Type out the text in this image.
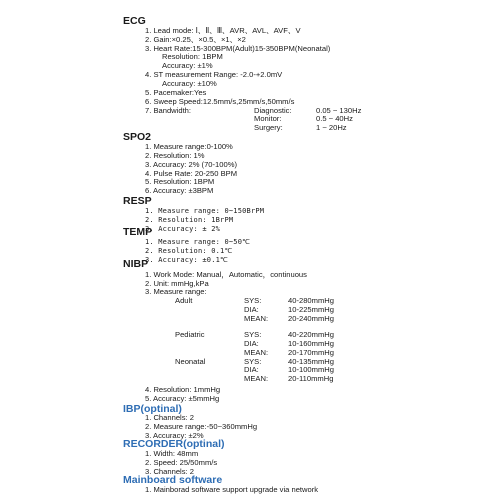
ECG
1. Lead mode: Ⅰ、Ⅱ、Ⅲ、AVR、AVL、AVF、V
2. Gain:×0.25、×0.5、×1、×2
3. Heart Rate:15-300BPM(Adult)15-350BPM(Neonatal)
Resolution: 1BPM
Accuracy: ±1%
4. ST measurement Range: -2.0-+2.0mV
Accuracy: ±10%
5. Pacemaker:Yes
6. Sweep Speed:12.5mm/s,25mm/s,50mm/s
7. Bandwidth:	Diagnostic:	0.05 ~ 130Hz
Monitor:	0.5 ~ 40Hz
Surgery:	1 ~ 20Hz
SPO2
1. Measure range:0-100%
2. Resolution: 1%
3. Accuracy: 2% (70-100%)
4. Pulse Rate: 20-250 BPM
5. Resolution: 1BPM
6. Accuracy: ±3BPM
RESP
1. Measure range: 0~150BrPM
2. Resolution: 1BrPM
3. Accuracy: ± 2%
TEMP
1. Measure range: 0~50℃
2. Resolution: 0.1℃
3. Accuracy: ±0.1℃
NIBP
1. Work Mode: Manual，Automatic，continuous
2. Unit: mmHg,kPa
3. Measure range:
Adult	SYS:	40-280mmHg
DIA:	10-225mmHg
MEAN:	20-240mmHg
Pediatric	SYS:	40-220mmHg
DIA:	10-160mmHg
MEAN:	20-170mmHg
Neonatal	SYS:	40-135mmHg
DIA:	10-100mmHg
MEAN:	20-110mmHg
4. Resolution: 1mmHg
5. Accuracy: ±5mmHg
IBP(optinal)
1. Channels: 2
2. Measure range:-50~360mmHg
3. Accuracy: ±2%
RECORDER(optinal)
1. Width: 48mm
2. Speed: 25/50mm/s
3. Channels: 2
Mainboard software
1. Mainborad software support upgrade via network
